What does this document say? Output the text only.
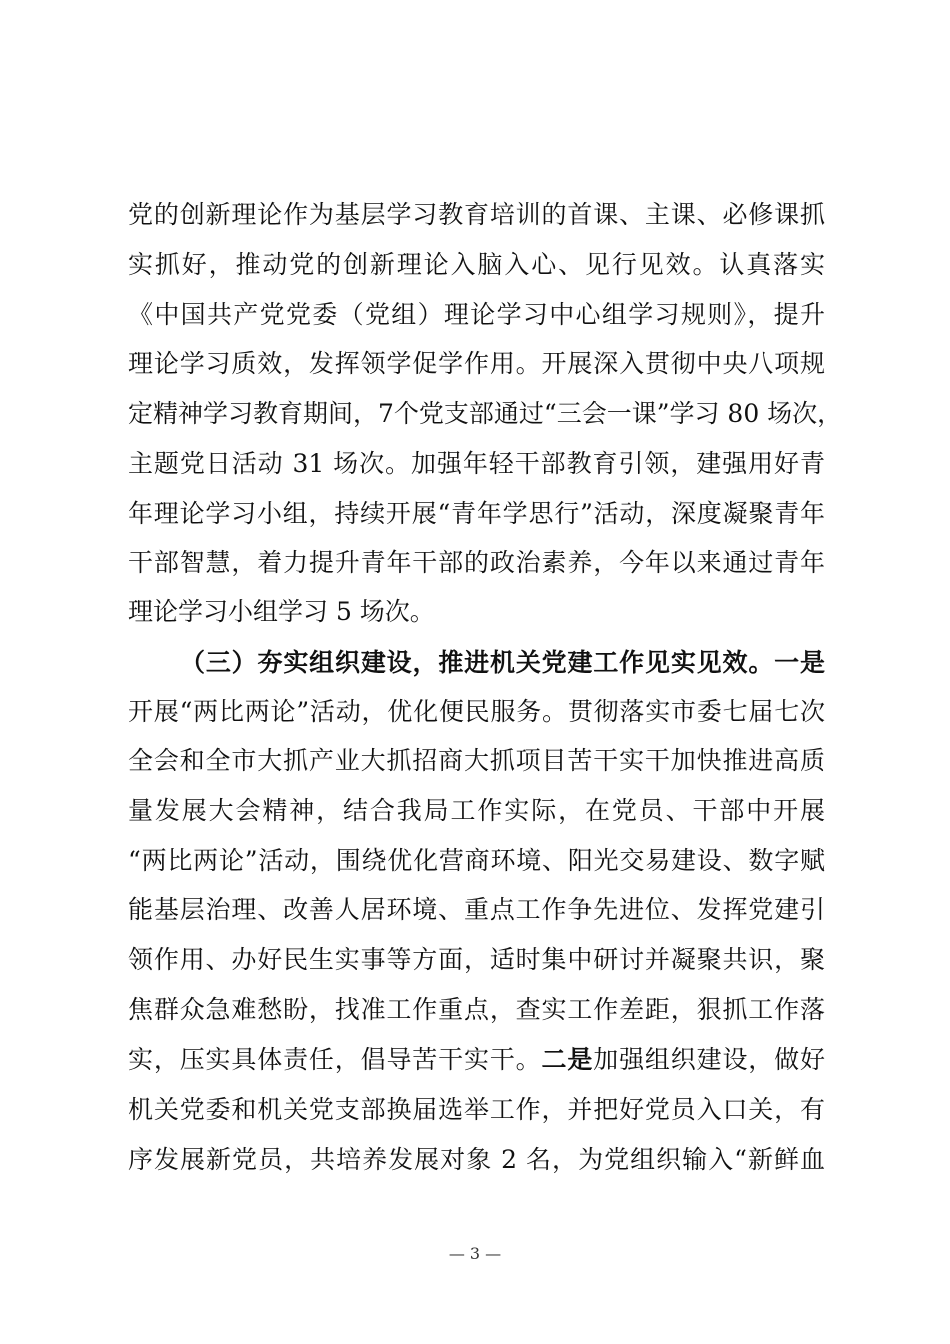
党的创新理论作为基层学习教育培训的首课、主课、必修课抓
实抓好，推动党的创新理论入脑入心、见行见效。认真落实
《中国共产党党委（党组）理论学习中心组学习规则》，提升
理论学习质效，发挥领学促学作用。开展深入贯彻中央八项规
定精神学习教育期间，7个党支部通过“三会一课”学习 80 场次，
主题党日活动 31 场次。加强年轻干部教育引领，建强用好青
年理论学习小组，持续开展“青年学思行”活动，深度凝聚青年
干部智慧，着力提升青年干部的政治素养，今年以来通过青年
理论学习小组学习 5 场次。
（三）夯实组织建设，推进机关党建工作见实见效。一是
开展“两比两论”活动，优化便民服务。贯彻落实市委七届七次
全会和全市大抓产业大抓招商大抓项目苦干实干加快推进高质
量发展大会精神，结合我局工作实际，在党员、干部中开展
“两比两论”活动，围绕优化营商环境、阳光交易建设、数字赋
能基层治理、改善人居环境、重点工作争先进位、发挥党建引
领作用、办好民生实事等方面，适时集中研讨并凝聚共识，聚
焦群众急难愁盼，找准工作重点，查实工作差距，狠抓工作落
实，压实具体责任，倡导苦干实干。二是加强组织建设，做好
机关党委和机关党支部换届选举工作，并把好党员入口关，有
序发展新党员，共培养发展对象 2 名，为党组织输入“新鲜血
— 3 —
